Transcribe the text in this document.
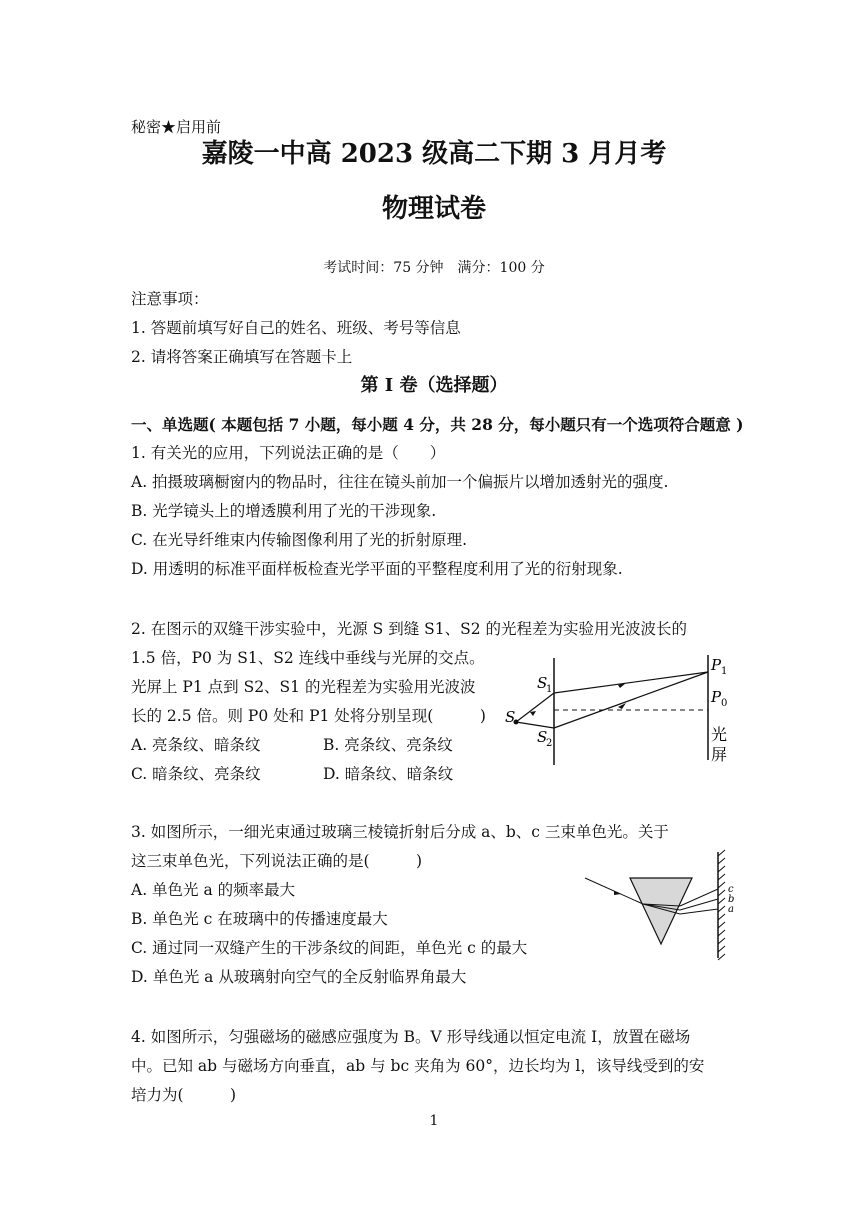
秘密★启用前
嘉陵一中高 2023 级高二下期 3 月月考
物理试卷
考试时间：75 分钟　满分：100 分
注意事项：
1. 答题前填写好自己的姓名、班级、考号等信息
2. 请将答案正确填写在答题卡上
第 I 卷（选择题）
一、单选题( 本题包括 7 小题，每小题 4 分，共 28 分，每小题只有一个选项符合题意 )
1. 有关光的应用，下列说法正确的是（　　）
A. 拍摄玻璃橱窗内的物品时，往往在镜头前加一个偏振片以增加透射光的强度.
B. 光学镜头上的增透膜利用了光的干涉现象.
C. 在光导纤维束内传输图像利用了光的折射原理.
D. 用透明的标准平面样板检查光学平面的平整程度利用了光的衍射现象.
2. 在图示的双缝干涉实验中，光源 S 到缝 S1、S2 的光程差为实验用光波波长的
1.5 倍，P0 为 S1、S2 连线中垂线与光屏的交点。
光屏上 P1 点到 S2、S1 的光程差为实验用光波波
长的 2.5 倍。则 P0 处和 P1 处将分别呈现(　　　)
A. 亮条纹、暗条纹	B. 亮条纹、亮条纹
C. 暗条纹、亮条纹	D. 暗条纹、暗条纹
S
S
1
S
2
P 1
P 0
光
屏
3. 如图所示，一细光束通过玻璃三棱镜折射后分成 a、b、c 三束单色光。关于
这三束单色光，下列说法正确的是(　　　)
A. 单色光 a 的频率最大
B. 单色光 c 在玻璃中的传播速度最大
C. 通过同一双缝产生的干涉条纹的间距，单色光 c 的最大
D. 单色光 a 从玻璃射向空气的全反射临界角最大
c
b
a
4. 如图所示，匀强磁场的磁感应强度为 B。V 形导线通以恒定电流 I，放置在磁场
中。已知 ab 与磁场方向垂直，ab 与 bc 夹角为 60°，边长均为 l，该导线受到的安
培力为(　　　)
1
